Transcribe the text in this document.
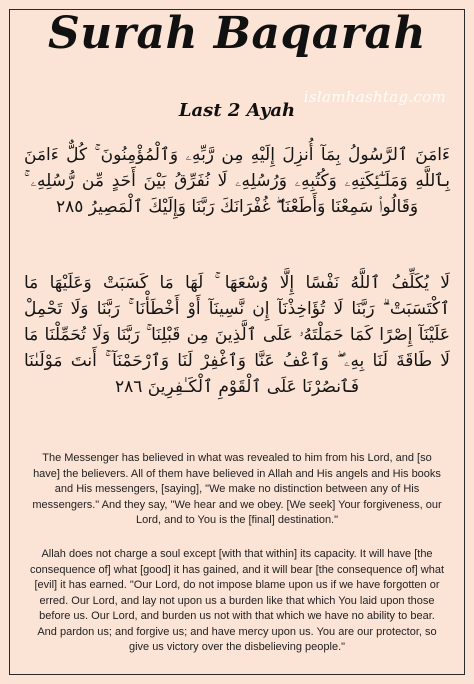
Surah Baqarah
islamhashtag.com
Last 2 Ayah
ءَامَنَ ٱلرَّسُولُ بِمَآ أُنزِلَ إِلَيْهِ مِن رَّبِّهِۦ وَٱلْمُؤْمِنُونَ ۚ كُلٌّ ءَامَنَ بِٱللَّهِ وَمَلَـٰٓئِكَتِهِۦ وَكُتُبِهِۦ وَرُسُلِهِۦ لَا نُفَرِّقُ بَيْنَ أَحَدٍ مِّن رُّسُلِهِۦ ۚ وَقَالُوا۟ سَمِعْنَا وَأَطَعْنَا ۖ غُفْرَانَكَ رَبَّنَا وَإِلَيْكَ ٱلْمَصِيرُ ٢٨٥
لَا يُكَلِّفُ ٱللَّهُ نَفْسًا إِلَّا وُسْعَهَا ۚ لَهَا مَا كَسَبَتْ وَعَلَيْهَا مَا ٱكْتَسَبَتْ ۗ رَبَّنَا لَا تُؤَاخِذْنَآ إِن نَّسِينَآ أَوْ أَخْطَأْنَا ۚ رَبَّنَا وَلَا تَحْمِلْ عَلَيْنَآ إِصْرًا كَمَا حَمَلْتَهُۥ عَلَى ٱلَّذِينَ مِن قَبْلِنَا ۚ رَبَّنَا وَلَا تُحَمِّلْنَا مَا لَا طَاقَةَ لَنَا بِهِۦ ۖ وَٱعْفُ عَنَّا وَٱغْفِرْ لَنَا وَٱرْحَمْنَآ ۚ أَنتَ مَوْلَىٰنَا فَٱنصُرْنَا عَلَى ٱلْقَوْمِ ٱلْكَـٰفِرِينَ ٢٨٦
The Messenger has believed in what was revealed to him from his Lord, and [so have] the believers. All of them have believed in Allah and His angels and His books and His messengers, [saying], "We make no distinction between any of His messengers." And they say, "We hear and we obey. [We seek] Your forgiveness, our Lord, and to You is the [final] destination."
Allah does not charge a soul except [with that within] its capacity. It will have [the consequence of] what [good] it has gained, and it will bear [the consequence of] what [evil] it has earned. "Our Lord, do not impose blame upon us if we have forgotten or erred. Our Lord, and lay not upon us a burden like that which You laid upon those before us. Our Lord, and burden us not with that which we have no ability to bear. And pardon us; and forgive us; and have mercy upon us. You are our protector, so give us victory over the disbelieving people."
